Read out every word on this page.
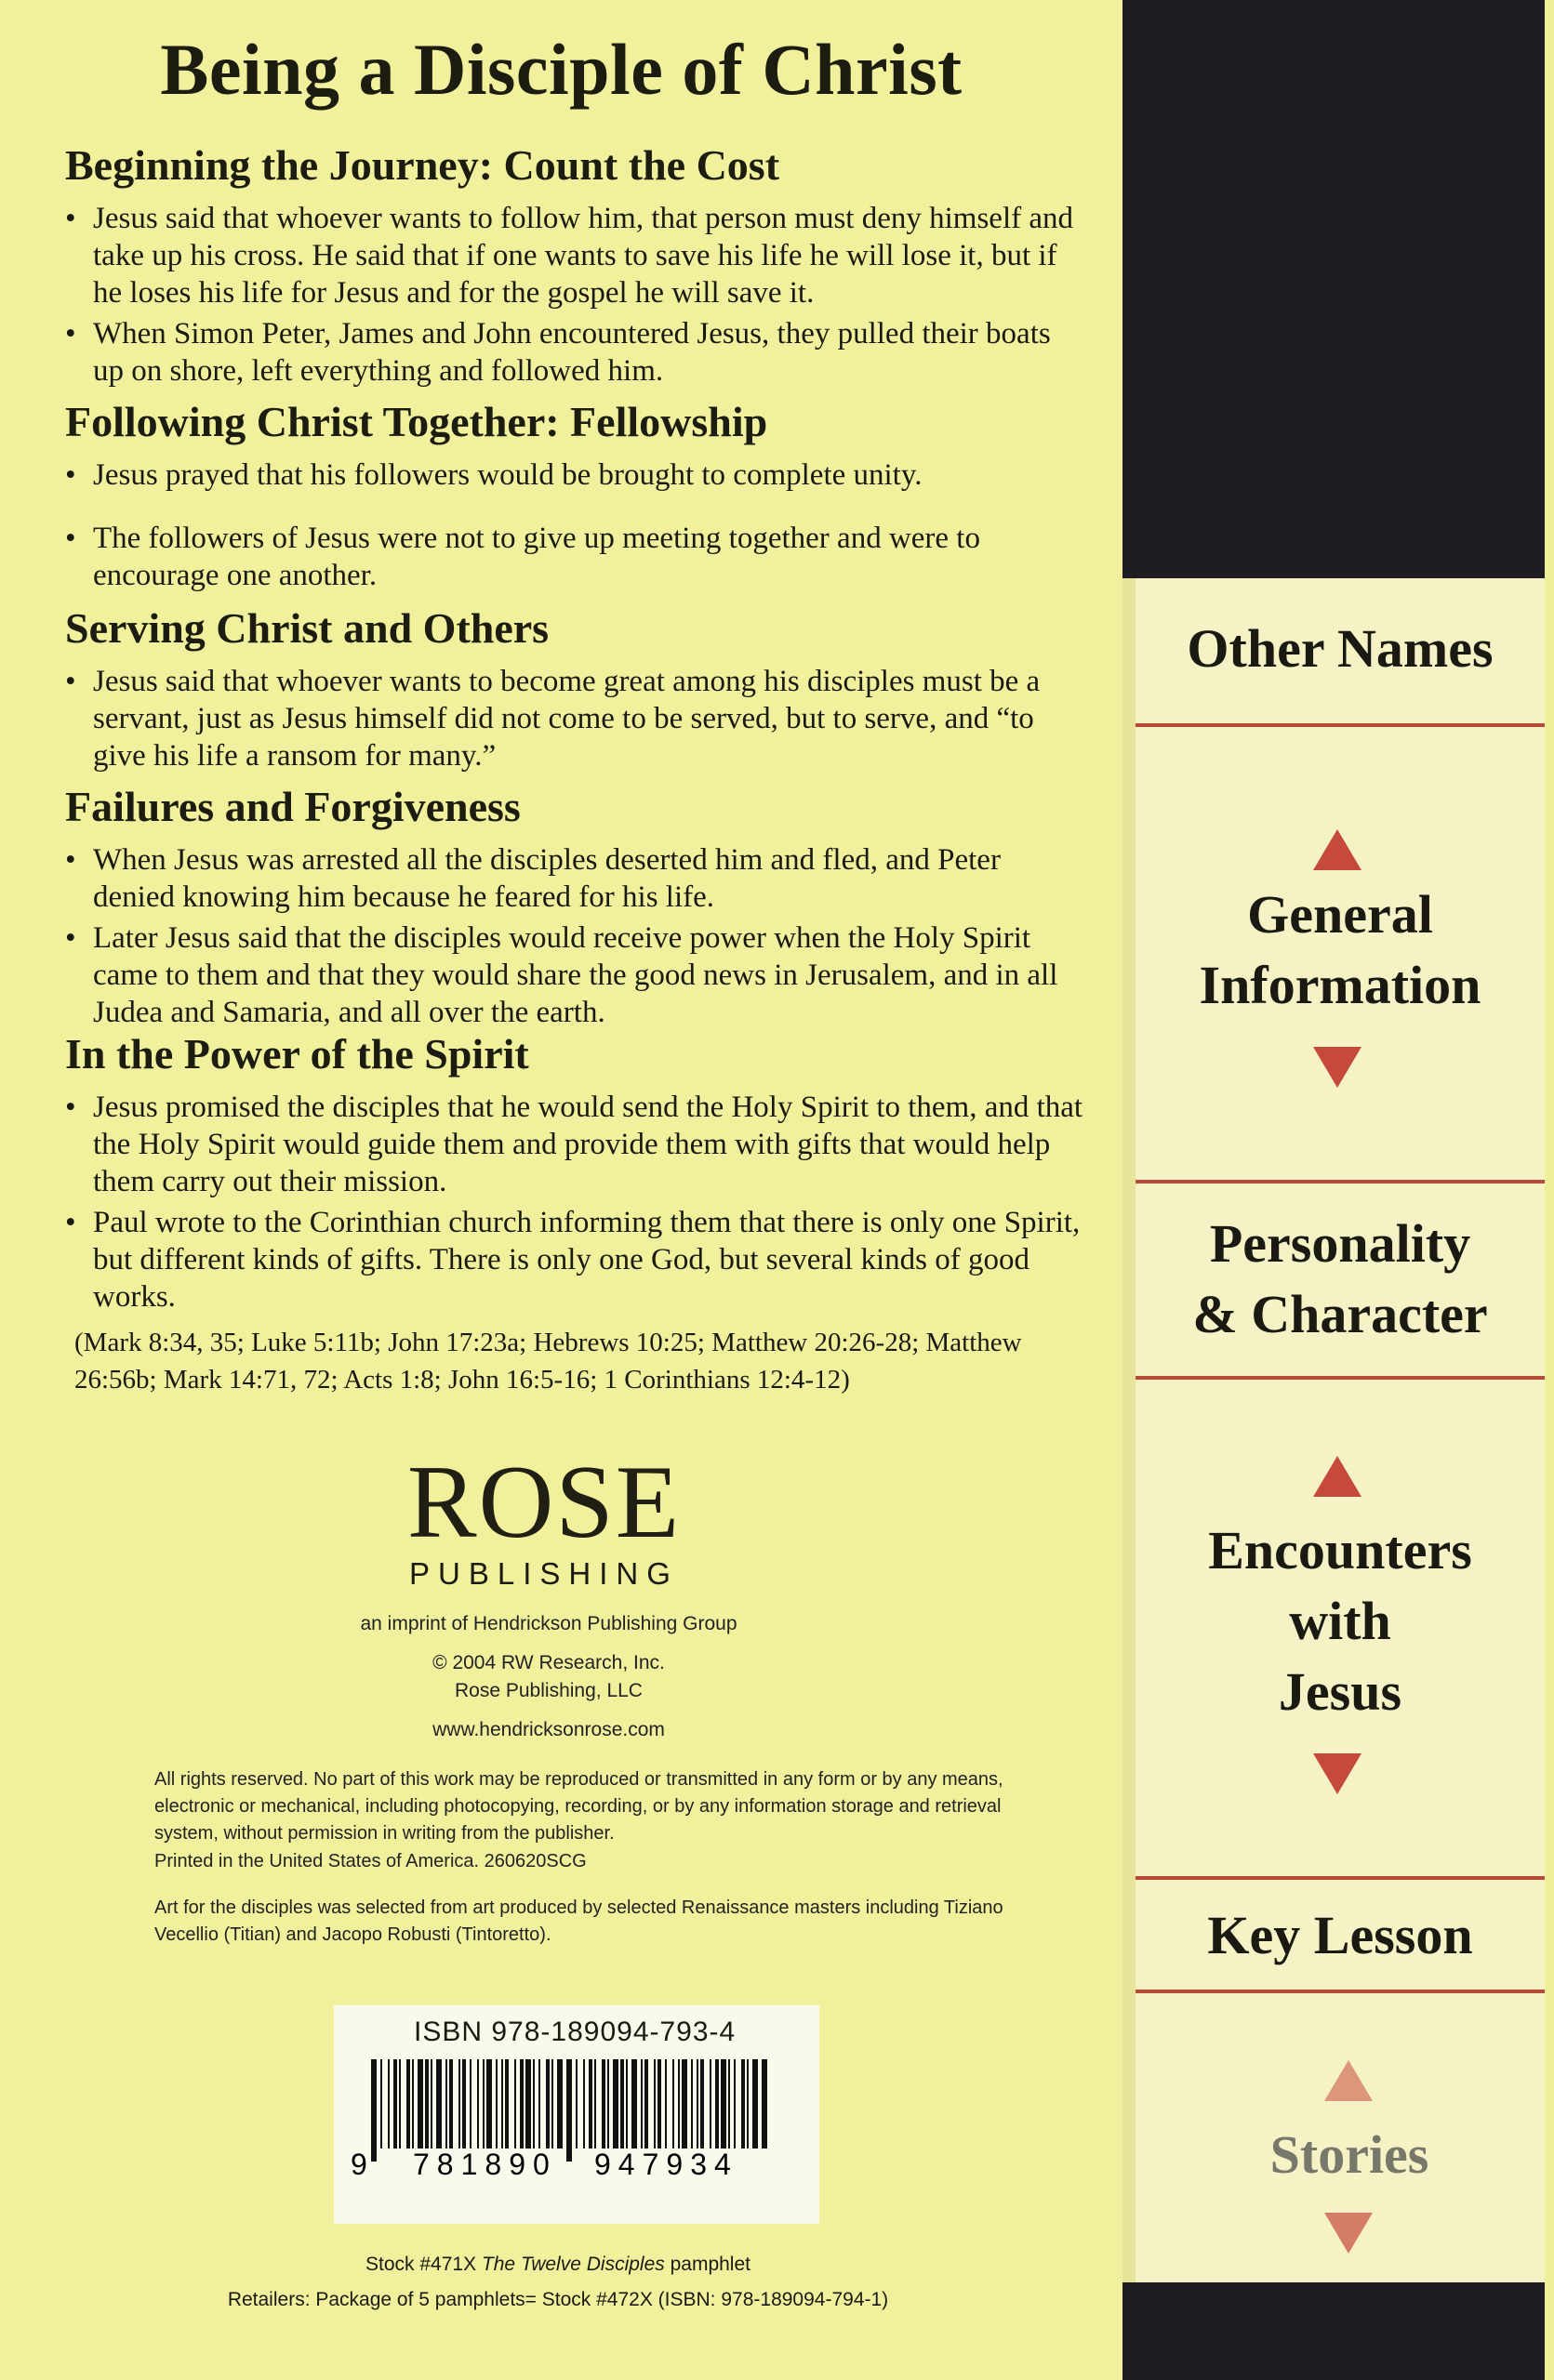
Being a Disciple of Christ
Beginning the Journey: Count the Cost
• Jesus said that whoever wants to follow him, that person must deny himself and take up his cross. He said that if one wants to save his life he will lose it, but if he loses his life for Jesus and for the gospel he will save it.
• When Simon Peter, James and John encountered Jesus, they pulled their boats up on shore, left everything and followed him.
Following Christ Together: Fellowship
• Jesus prayed that his followers would be brought to complete unity.
• The followers of Jesus were not to give up meeting together and were to encourage one another.
Serving Christ and Others
• Jesus said that whoever wants to become great among his disciples must be a servant, just as Jesus himself did not come to be served, but to serve, and “to give his life a ransom for many.”
Failures and Forgiveness
• When Jesus was arrested all the disciples deserted him and fled, and Peter denied knowing him because he feared for his life.
• Later Jesus said that the disciples would receive power when the Holy Spirit came to them and that they would share the good news in Jerusalem, and in all Judea and Samaria, and all over the earth.
In the Power of the Spirit
• Jesus promised the disciples that he would send the Holy Spirit to them, and that the Holy Spirit would guide them and provide them with gifts that would help them carry out their mission.
• Paul wrote to the Corinthian church informing them that there is only one Spirit, but different kinds of gifts. There is only one God, but several kinds of good works.
(Mark 8:34, 35; Luke 5:11b; John 17:23a; Hebrews 10:25; Matthew 20:26-28; Matthew 26:56b; Mark 14:71, 72; Acts 1:8; John 16:5-16; 1 Corinthians 12:4-12)
ROSE
PUBLISHING
an imprint of Hendrickson Publishing Group
© 2004 RW Research, Inc.
Rose Publishing, LLC
www.hendricksonrose.com
All rights reserved. No part of this work may be reproduced or transmitted in any form or by any means, electronic or mechanical, including photocopying, recording, or by any information storage and retrieval system, without permission in writing from the publisher.
Printed in the United States of America. 260620SCG
Art for the disciples was selected from art produced by selected Renaissance masters including Tiziano Vecellio (Titian) and Jacopo Robusti (Tintoretto).
ISBN 978-189094-793-4
9 781890 947934
Stock #471X The Twelve Disciples pamphlet
Retailers: Package of 5 pamphlets= Stock #472X (ISBN: 978-189094-794-1)
Other Names
General
Information
Personality
& Character
Encounters
with
Jesus
Key Lesson
Stories
